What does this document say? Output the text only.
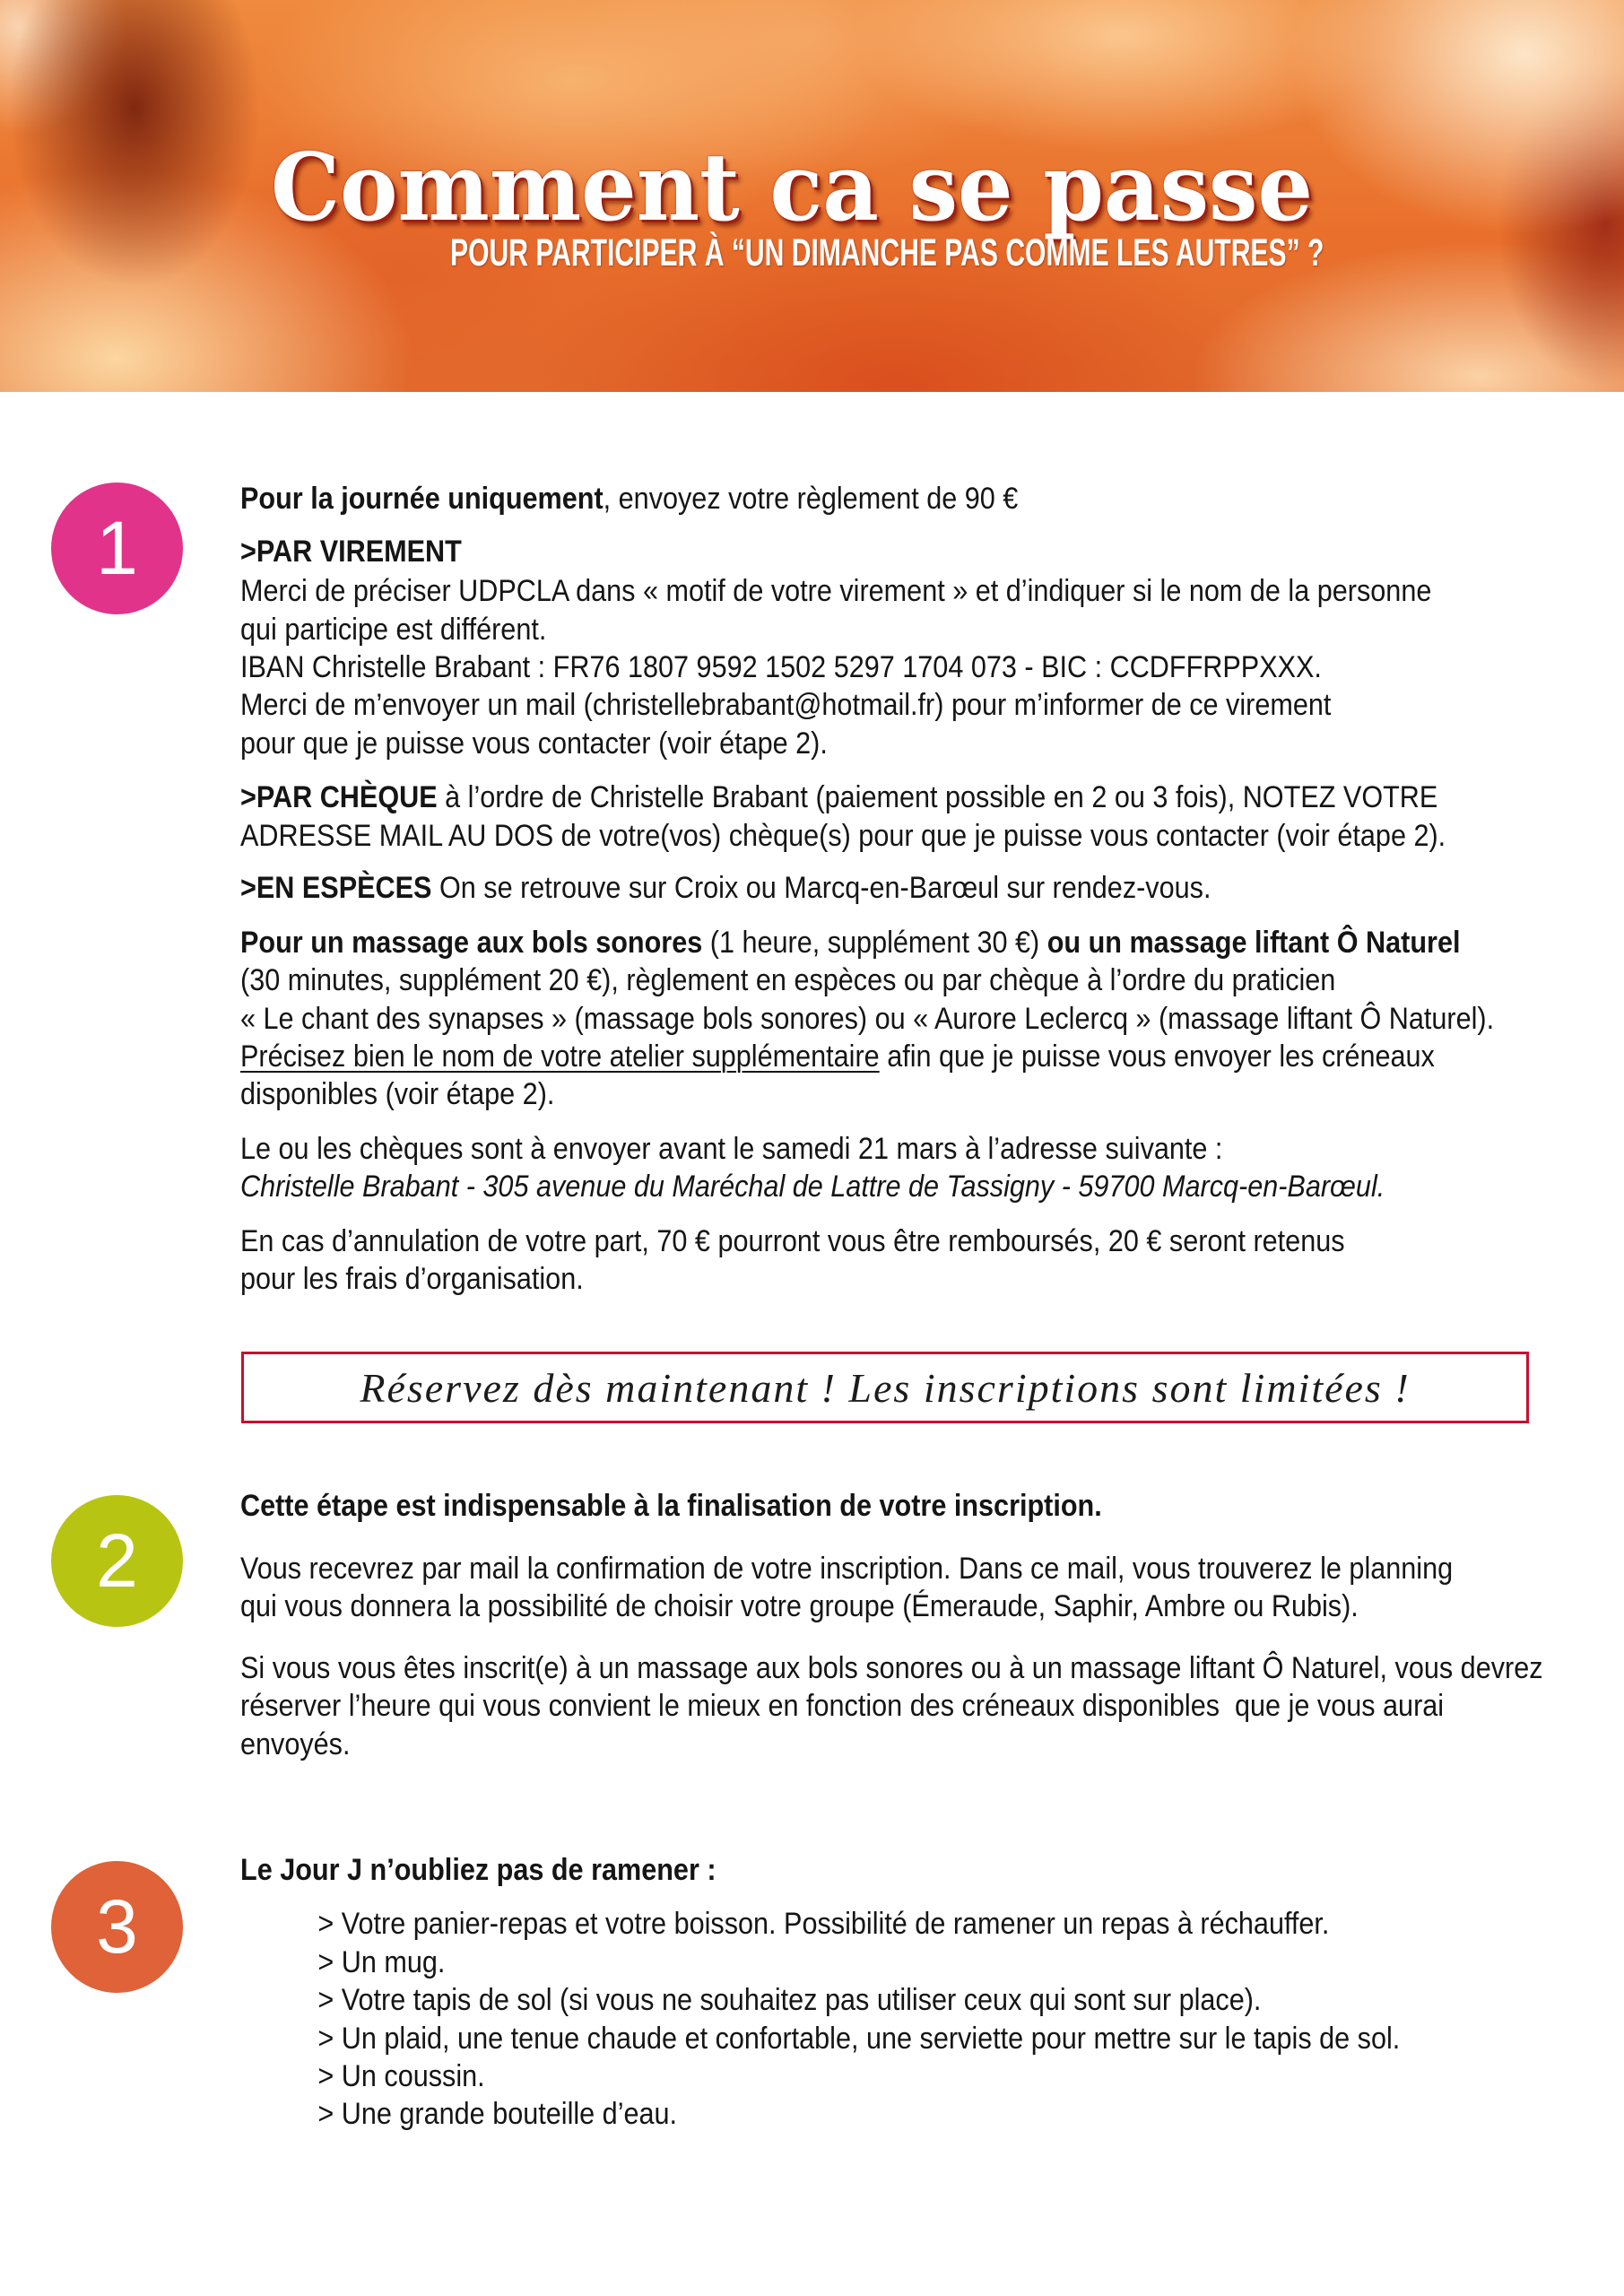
Comment ca se passe
POUR PARTICIPER À “UN DIMANCHE PAS COMME LES AUTRES” ?
1
2
3
Réservez dès maintenant ! Les inscriptions sont limitées !
Pour la journée uniquement, envoyez votre règlement de 90 €
>PAR VIREMENT
Merci de préciser UDPCLA dans « motif de votre virement » et d’indiquer si le nom de la personne
qui participe est différent.
IBAN Christelle Brabant : FR76 1807 9592 1502 5297 1704 073 - BIC : CCDFFRPPXXX.
Merci de m’envoyer un mail (christellebrabant@hotmail.fr) pour m’informer de ce virement
pour que je puisse vous contacter (voir étape 2).
>PAR CHÈQUE à l’ordre de Christelle Brabant (paiement possible en 2 ou 3 fois), NOTEZ VOTRE
ADRESSE MAIL AU DOS de votre(vos) chèque(s) pour que je puisse vous contacter (voir étape 2).
>EN ESPÈCES On se retrouve sur Croix ou Marcq-en-Barœul sur rendez-vous.
Pour un massage aux bols sonores (1 heure, supplément 30 €) ou un massage liftant Ô Naturel
(30 minutes, supplément 20 €), règlement en espèces ou par chèque à l’ordre du praticien
« Le chant des synapses » (massage bols sonores) ou « Aurore Leclercq » (massage liftant Ô Naturel).
Précisez bien le nom de votre atelier supplémentaire afin que je puisse vous envoyer les créneaux
disponibles (voir étape 2).
Le ou les chèques sont à envoyer avant le samedi 21 mars à l’adresse suivante :
Christelle Brabant - 305 avenue du Maréchal de Lattre de Tassigny - 59700 Marcq-en-Barœul.
En cas d’annulation de votre part, 70 € pourront vous être remboursés, 20 € seront retenus
pour les frais d’organisation.
Cette étape est indispensable à la finalisation de votre inscription.
Vous recevrez par mail la confirmation de votre inscription. Dans ce mail, vous trouverez le planning
qui vous donnera la possibilité de choisir votre groupe (Émeraude, Saphir, Ambre ou Rubis).
Si vous vous êtes inscrit(e) à un massage aux bols sonores ou à un massage liftant Ô Naturel, vous devrez
réserver l’heure qui vous convient le mieux en fonction des créneaux disponibles  que je vous aurai
envoyés.
Le Jour J n’oubliez pas de ramener :
> Votre panier-repas et votre boisson. Possibilité de ramener un repas à réchauffer.
> Un mug.
> Votre tapis de sol (si vous ne souhaitez pas utiliser ceux qui sont sur place).
> Un plaid, une tenue chaude et confortable, une serviette pour mettre sur le tapis de sol.
> Un coussin.
> Une grande bouteille d’eau.
